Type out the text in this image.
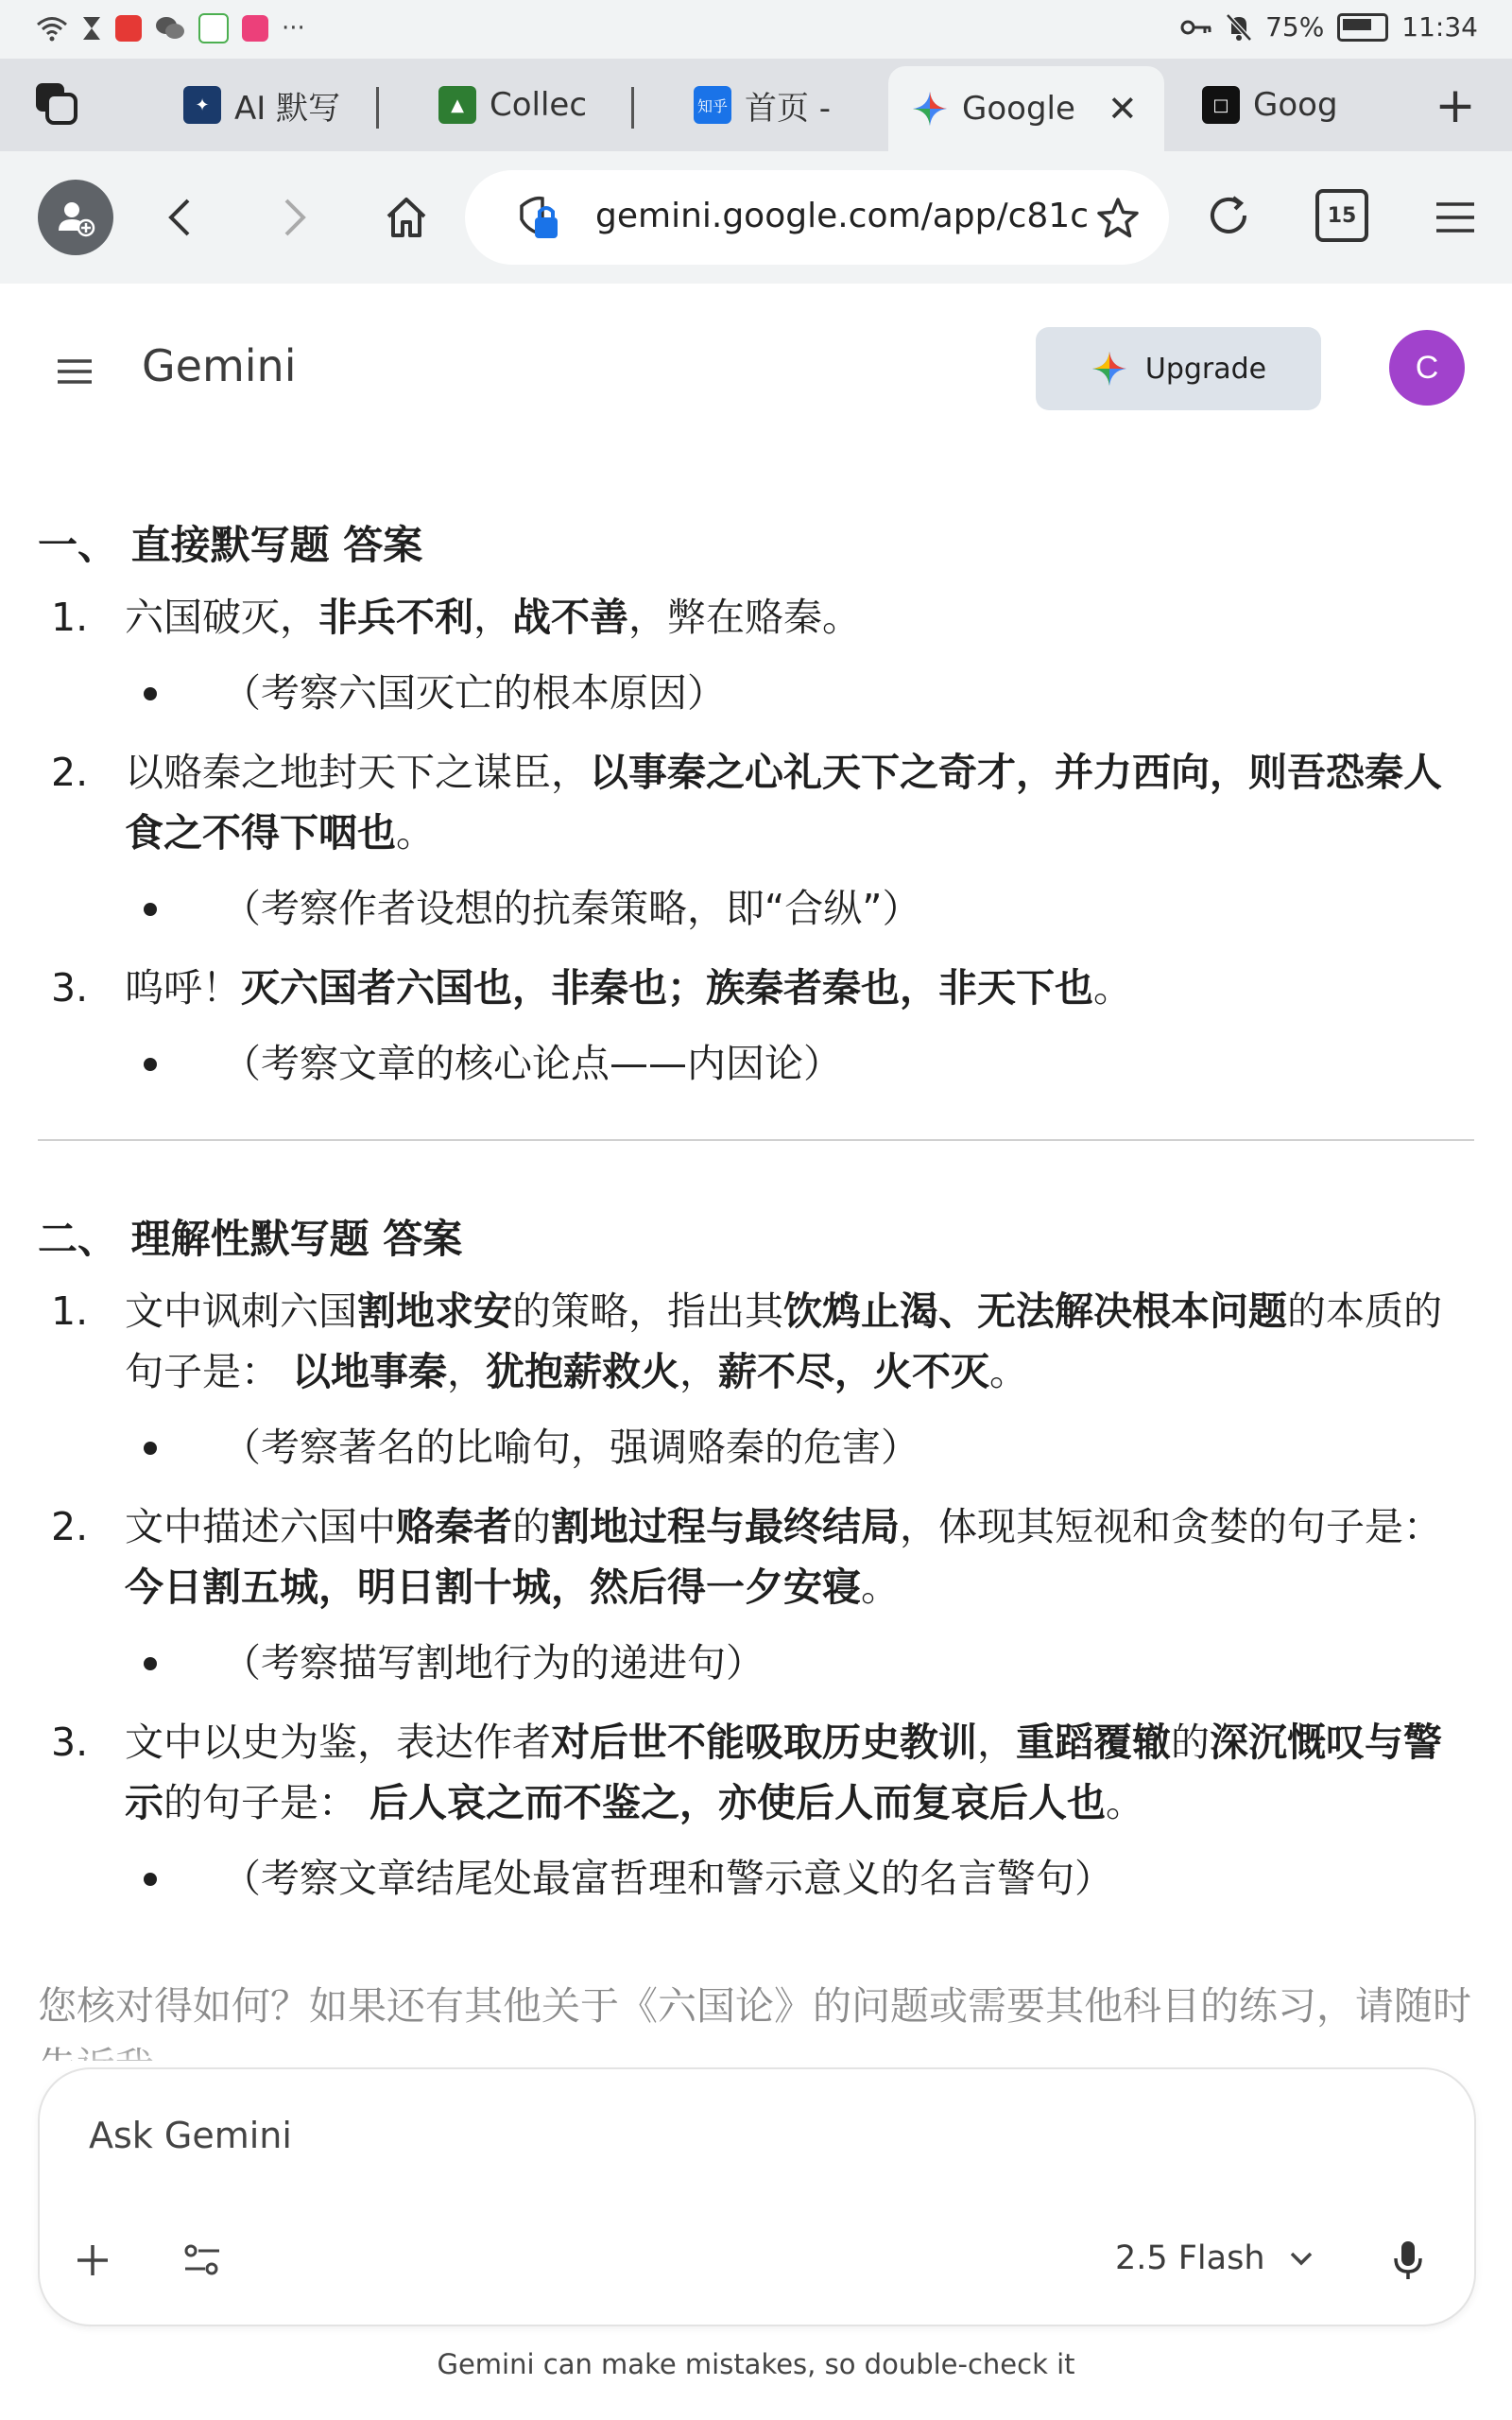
···	75%	11:34
✦ AI 默写	▲ Collec	知乎 首页 -	Google ✕	□ Goog +
gemini.google.com/app/c81c	15
Gemini	Upgrade	C
一、 直接默写题 答案
1. 六国破灭，非兵不利，战不善，弊在赂秦。
（考察六国灭亡的根本原因）
2. 以赂秦之地封天下之谋臣，以事秦之心礼天下之奇才，并力西向，则吾恐秦人食之不得下咽也。
（考察作者设想的抗秦策略，即“合纵”）
3. 呜呼！灭六国者六国也，非秦也；族秦者秦也，非天下也。
（考察文章的核心论点——内因论）
二、 理解性默写题 答案
1. 文中讽刺六国割地求安的策略，指出其饮鸩止渴、无法解决根本问题的本质的句子是： 以地事秦，犹抱薪救火，薪不尽，火不灭。
（考察著名的比喻句，强调赂秦的危害）
2. 文中描述六国中赂秦者的割地过程与最终结局，体现其短视和贪婪的句子是： 今日割五城，明日割十城，然后得一夕安寝。
（考察描写割地行为的递进句）
3. 文中以史为鉴，表达作者对后世不能吸取历史教训，重蹈覆辙的深沉慨叹与警示的句子是： 后人哀之而不鉴之，亦使后人而复哀后人也。
（考察文章结尾处最富哲理和警示意义的名言警句）
您核对得如何？如果还有其他关于《六国论》的问题或需要其他科目的练习，请随时
Ask Gemini
2.5 Flash
Gemini can make mistakes, so double-check it
